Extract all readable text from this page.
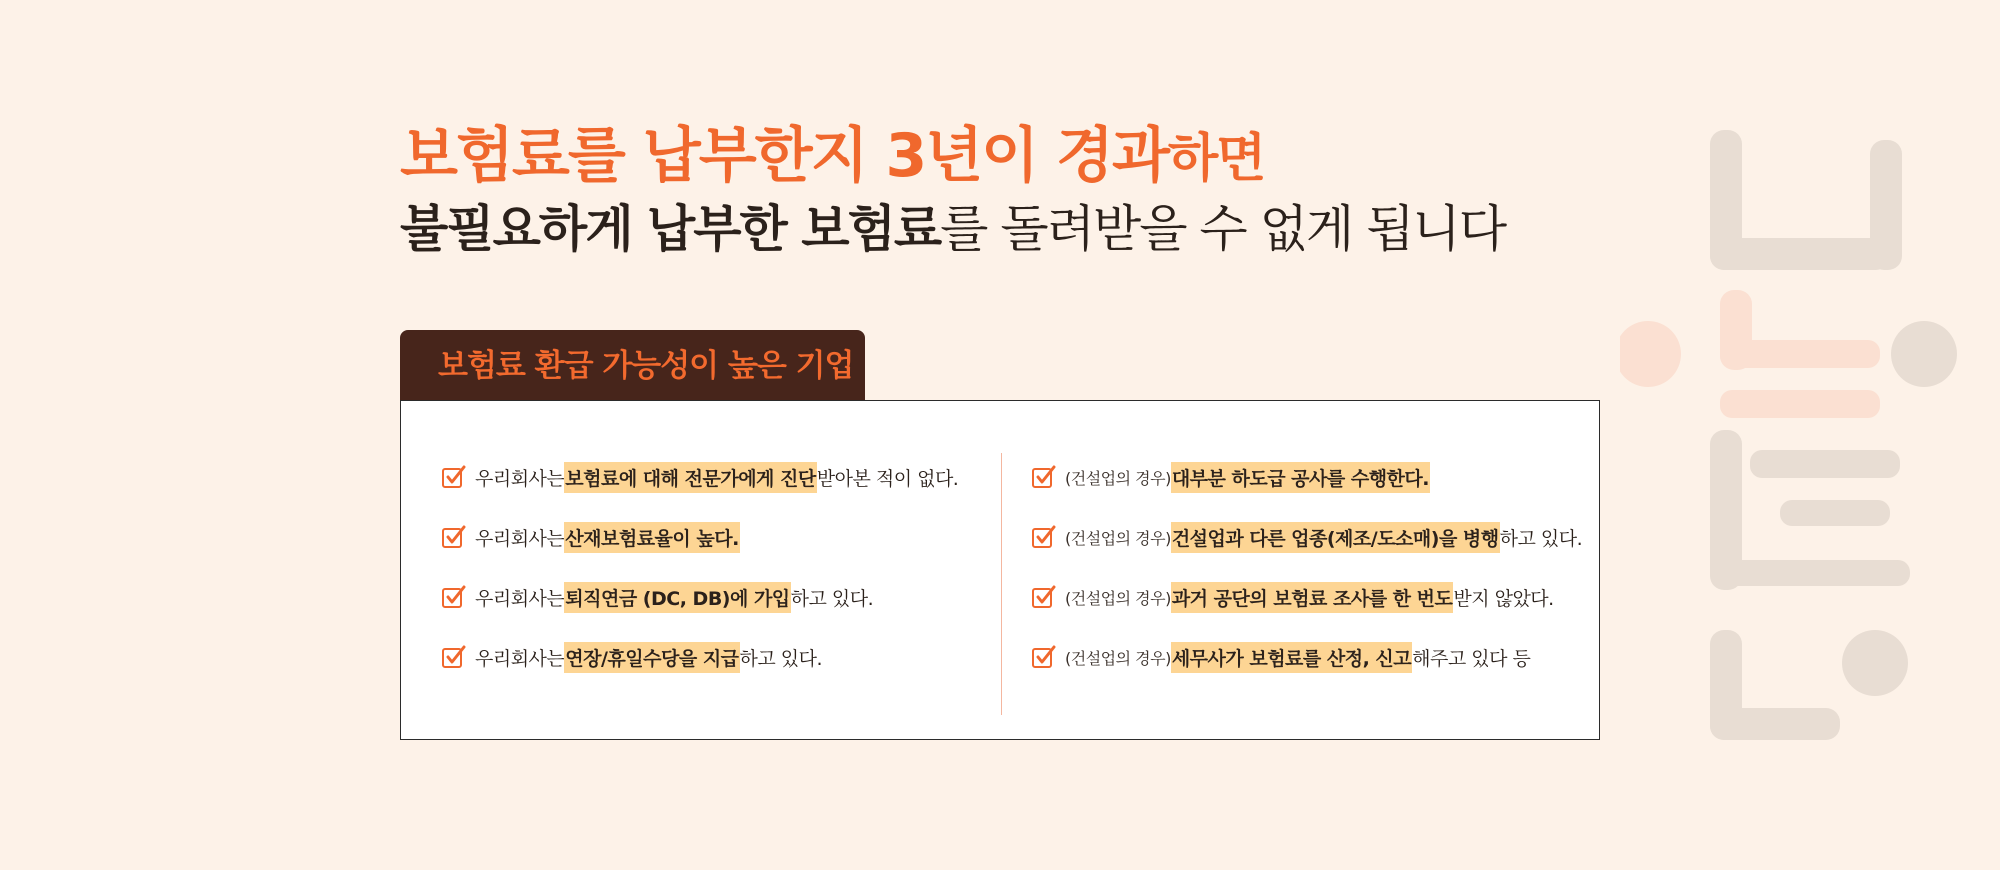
보험료를 납부한지 3년이 경과하면
불필요하게 납부한 보험료를 돌려받을 수 없게 됩니다
보험료 환급 가능성이 높은 기업
우리회사는 보험료에 대해 전문가에게 진단 받아본 적이 없다.
우리회사는 산재보험료율이 높다.
우리회사는 퇴직연금 (DC, DB)에 가입 하고 있다.
우리회사는 연장/휴일수당을 지급 하고 있다.
(건설업의 경우) 대부분 하도급 공사를 수행한다.
(건설업의 경우) 건설업과 다른 업종(제조/도소매)을 병행 하고 있다.
(건설업의 경우) 과거 공단의 보험료 조사를 한 번도 받지 않았다.
(건설업의 경우) 세무사가 보험료를 산정, 신고 해주고 있다 등
